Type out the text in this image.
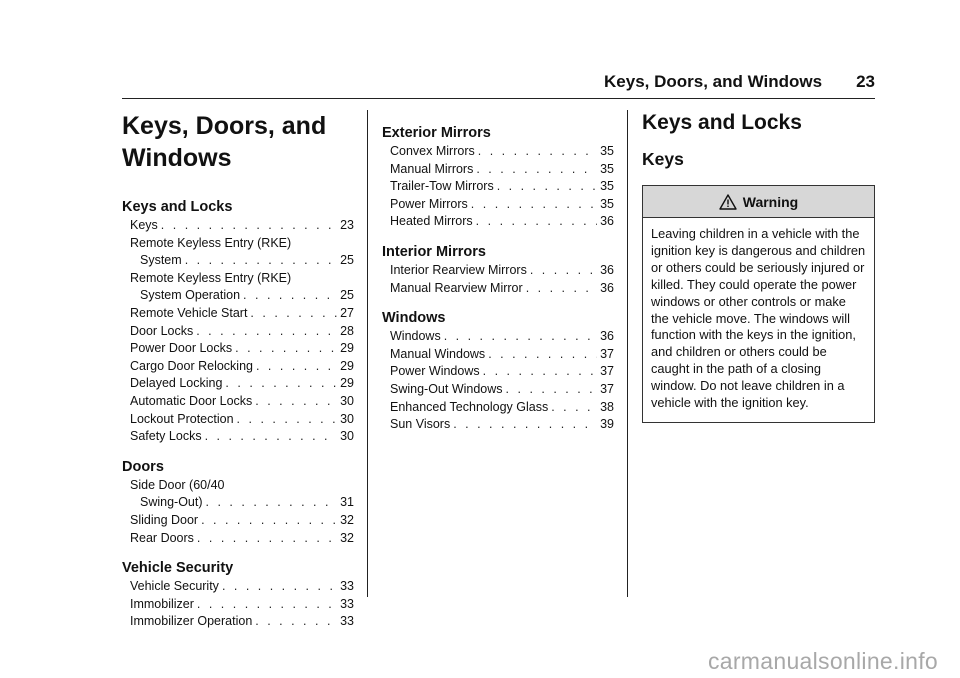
Keys, Doors, and Windows 23
Keys, Doors, and
Windows
Keys and Locks
Keys . . .	23
Remote Keyless Entry (RKE)
System . . .	25
Remote Keyless Entry (RKE)
System Operation . . .	25
Remote Vehicle Start . . .	27
Door Locks . . .	28
Power Door Locks . . .	29
Cargo Door Relocking . . .	29
Delayed Locking . . .	29
Automatic Door Locks . . .	30
Lockout Protection . . .	30
Safety Locks . . .	30
Doors
Side Door (60/40
Swing-Out) . . .	31
Sliding Door . . .	32
Rear Doors . . .	32
Vehicle Security
Vehicle Security . . .	33
Immobilizer . . .	33
Immobilizer Operation . . .	33
Exterior Mirrors
Convex Mirrors . . .	35
Manual Mirrors . . .	35
Trailer-Tow Mirrors . . .	35
Power Mirrors . . .	35
Heated Mirrors . . .	36
Interior Mirrors
Interior Rearview Mirrors . . .	36
Manual Rearview Mirror . . .	36
Windows
Windows . . .	36
Manual Windows . . .	37
Power Windows . . .	37
Swing-Out Windows . . .	37
Enhanced Technology Glass . . .	38
Sun Visors . . .	39
Keys and Locks
Keys
Warning
Leaving children in a vehicle with the ignition key is dangerous and children or others could be seriously injured or killed. They could operate the power windows or other controls or make the vehicle move. The windows will function with the keys in the ignition, and children or others could be caught in the path of a closing window. Do not leave children in a vehicle with the ignition key.
carmanualsonline.info
